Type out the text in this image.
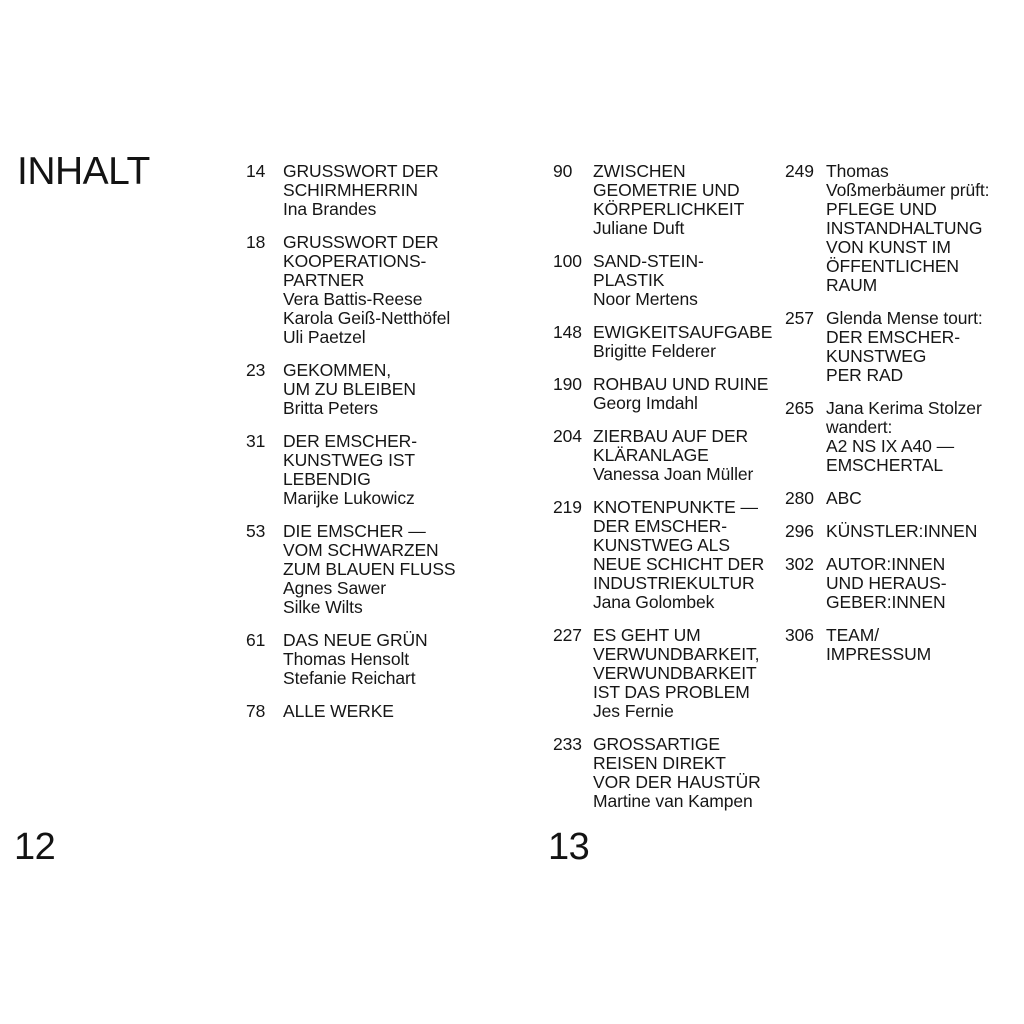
INHALT	14	GRUSSWORT DER
SCHIRMHERRIN
Ina Brandes
18	GRUSSWORT DER
KOOPERATIONS-
PARTNER
Vera Battis-Reese
Karola Geiß-Netthöfel
Uli Paetzel
23	GEKOMMEN,
UM ZU BLEIBEN
Britta Peters
31	DER EMSCHER-
KUNSTWEG IST
LEBENDIG
Marijke Lukowicz
53	DIE EMSCHER —
VOM SCHWARZEN
ZUM BLAUEN FLUSS
Agnes Sawer
Silke Wilts
61	DAS NEUE GRÜN
Thomas Hensolt
Stefanie Reichart
78	ALLE WERKE
90	ZWISCHEN
GEOMETRIE UND
KÖRPERLICHKEIT
Juliane Duft
100 SAND-STEIN-
PLASTIK
Noor Mertens
148 EWIGKEITSAUFGABE
Brigitte Felderer
190 ROHBAU UND RUINE
Georg Imdahl
204 ZIERBAU AUF DER
KLÄRANLAGE
Vanessa Joan Müller
219 KNOTENPUNKTE —
DER EMSCHER-
KUNSTWEG ALS
NEUE SCHICHT DER
INDUSTRIEKULTUR
Jana Golombek
227 ES GEHT UM
VERWUNDBARKEIT,
VERWUNDBARKEIT
IST DAS PROBLEM
Jes Fernie
233 GROSSARTIGE
REISEN DIREKT
VOR DER HAUSTÜR
Martine van Kampen
249 Thomas
Voßmerbäumer prüft:
PFLEGE UND
INSTANDHALTUNG
VON KUNST IM
ÖFFENTLICHEN
RAUM
257 Glenda Mense tourt:
DER EMSCHER-
KUNSTWEG
PER RAD
265 Jana Kerima Stolzer
wandert:
A2 NS IX A40 —
EMSCHERTAL
280 ABC
296 KÜNSTLER:INNEN
302 AUTOR:INNEN
UND HERAUS-
GEBER:INNEN
306 TEAM/
IMPRESSUM
12	13
